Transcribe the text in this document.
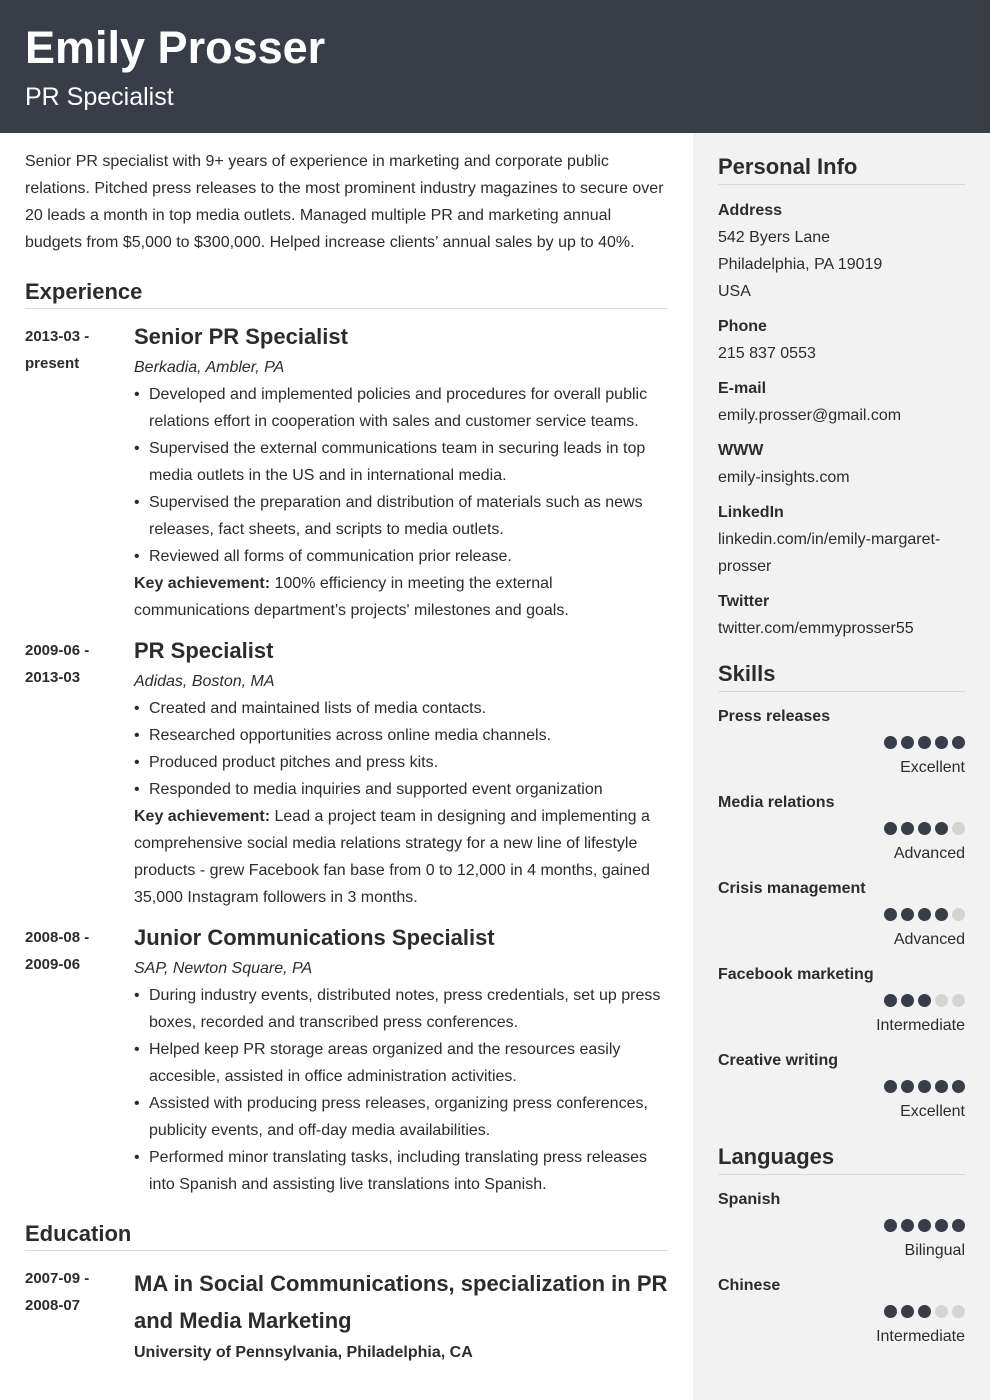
Emily Prosser
PR Specialist
Personal Info
Address
542 Byers Lane
Philadelphia, PA 19019
USA
Phone
215 837 0553
E-mail
emily.prosser@gmail.com
WWW
emily-insights.com
LinkedIn
linkedin.com/in/emily-margaret-
prosser
Twitter
twitter.com/emmyprosser55
Skills
Press releases
Excellent
Media relations
Advanced
Crisis management
Advanced
Facebook marketing
Intermediate
Creative writing
Excellent
Languages
Spanish
Bilingual
Chinese
Intermediate

Senior PR specialist with 9+ years of experience in marketing and corporate public relations. Pitched press releases to the most prominent industry magazines to secure over 20 leads a month in top media outlets. Managed multiple PR and marketing annual budgets from $5,000 to $300,000. Helped increase clients’ annual sales by up to 40%.

Experience
2013-03 -
present
Senior PR Specialist
Berkadia, Ambler, PA
• Developed and implemented policies and procedures for overall public relations effort in cooperation with sales and customer service teams.
• Supervised the external communications team in securing leads in top media outlets in the US and in international media.
• Supervised the preparation and distribution of materials such as news releases, fact sheets, and scripts to media outlets.
• Reviewed all forms of communication prior release.
Key achievement: 100% efficiency in meeting the external communications department's projects' milestones and goals.
2009-06 -
2013-03
PR Specialist
Adidas, Boston, MA
• Created and maintained lists of media contacts.
• Researched opportunities across online media channels.
• Produced product pitches and press kits.
• Responded to media inquiries and supported event organization
Key achievement: Lead a project team in designing and implementing a comprehensive social media relations strategy for a new line of lifestyle products - grew Facebook fan base from 0 to 12,000 in 4 months, gained 35,000 Instagram followers in 3 months.
2008-08 -
2009-06
Junior Communications Specialist
SAP, Newton Square, PA
• During industry events, distributed notes, press credentials, set up press boxes, recorded and transcribed press conferences.
• Helped keep PR storage areas organized and the resources easily accesible, assisted in office administration activities.
• Assisted with producing press releases, organizing press conferences, publicity events, and off-day media availabilities.
• Performed minor translating tasks, including translating press releases into Spanish and assisting live translations into Spanish.
Education
2007-09 -
2008-07
MA in Social Communications, specialization in PR and Media Marketing
University of Pennsylvania, Philadelphia, CA
